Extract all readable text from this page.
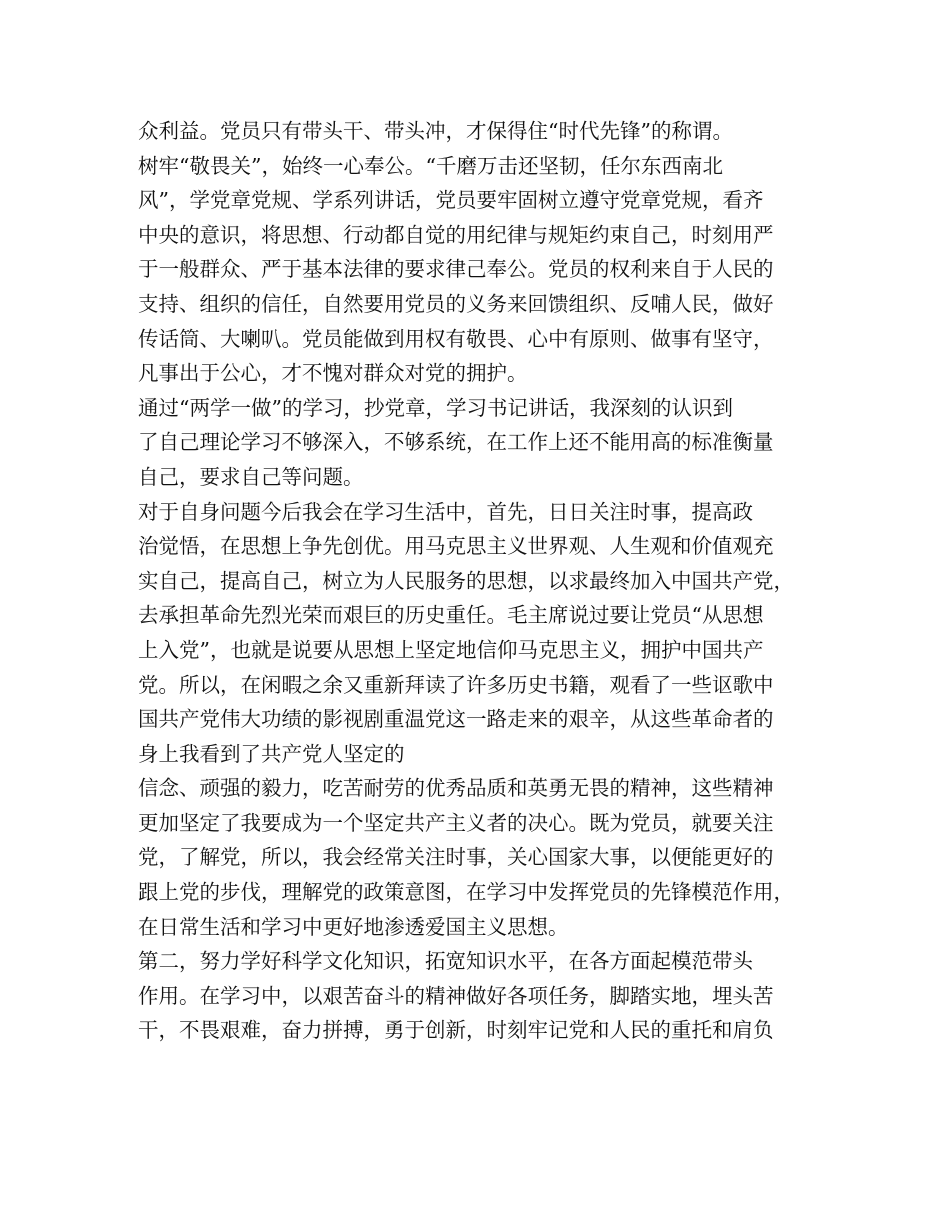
众利益。党员只有带头干、带头冲，才保得住“时代先锋”的称谓。

树牢“敬畏关”，始终一心奉公。“千磨万击还坚韧，任尔东西南北

风”，学党章党规、学系列讲话，党员要牢固树立遵守党章党规，看齐

中央的意识，将思想、行动都自觉的用纪律与规矩约束自己，时刻用严

于一般群众、严于基本法律的要求律己奉公。党员的权利来自于人民的

支持、组织的信任，自然要用党员的义务来回馈组织、反哺人民，做好

传话筒、大喇叭。党员能做到用权有敬畏、心中有原则、做事有坚守，

凡事出于公心，才不愧对群众对党的拥护。

通过“两学一做”的学习，抄党章，学习书记讲话，我深刻的认识到

了自己理论学习不够深入，不够系统，在工作上还不能用高的标准衡量

自己，要求自己等问题。

对于自身问题今后我会在学习生活中，首先，日日关注时事，提高政

治觉悟，在思想上争先创优。用马克思主义世界观、人生观和价值观充

实自己，提高自己，树立为人民服务的思想，以求最终加入中国共产党，

去承担革命先烈光荣而艰巨的历史重任。毛主席说过要让党员“从思想

上入党”，也就是说要从思想上坚定地信仰马克思主义，拥护中国共产

党。所以，在闲暇之余又重新拜读了许多历史书籍，观看了一些讴歌中

国共产党伟大功绩的影视剧重温党这一路走来的艰辛，从这些革命者的

身上我看到了共产党人坚定的

信念、顽强的毅力，吃苦耐劳的优秀品质和英勇无畏的精神，这些精神

更加坚定了我要成为一个坚定共产主义者的决心。既为党员，就要关注

党，了解党，所以，我会经常关注时事，关心国家大事，以便能更好的

跟上党的步伐，理解党的政策意图，在学习中发挥党员的先锋模范作用，

在日常生活和学习中更好地渗透爱国主义思想。

第二，努力学好科学文化知识，拓宽知识水平，在各方面起模范带头

作用。在学习中，以艰苦奋斗的精神做好各项任务，脚踏实地，埋头苦

干，不畏艰难，奋力拼搏，勇于创新，时刻牢记党和人民的重托和肩负
